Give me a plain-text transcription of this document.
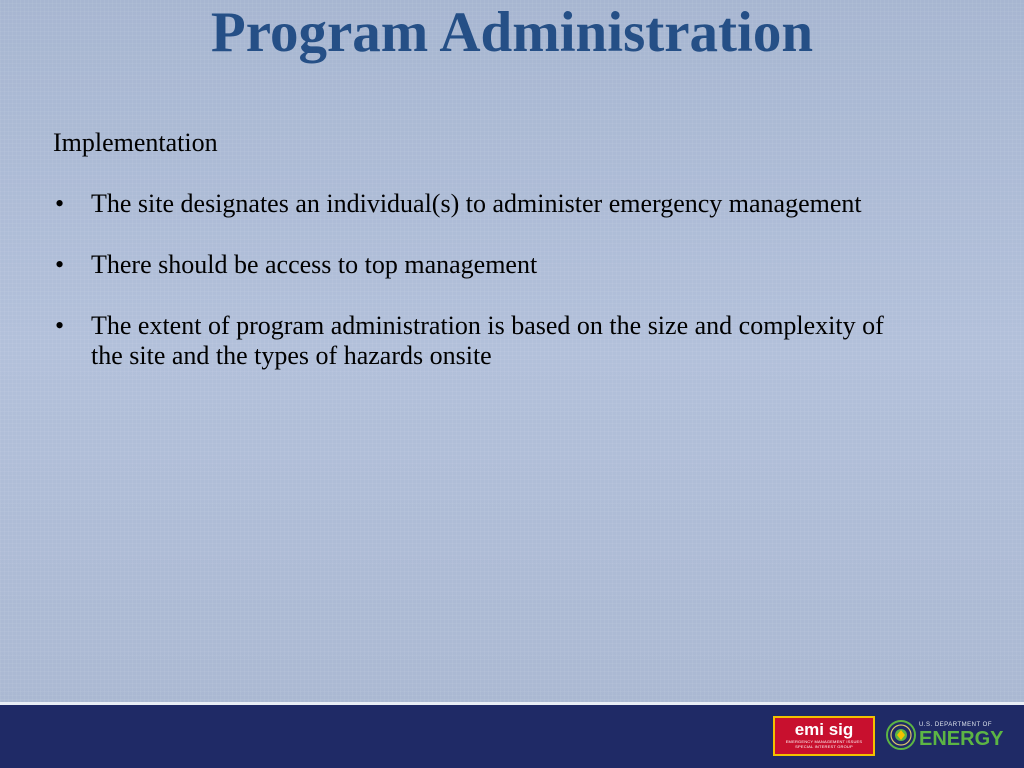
Program Administration

Implementation

• The site designates an individual(s) to administer emergency management
• There should be access to top management
• The extent of program administration is based on the size and complexity of the site and the types of hazards onsite
emi sig
EMERGENCY MANAGEMENT ISSUES
SPECIAL INTEREST GROUP
U.S. DEPARTMENT OF
ENERGY
